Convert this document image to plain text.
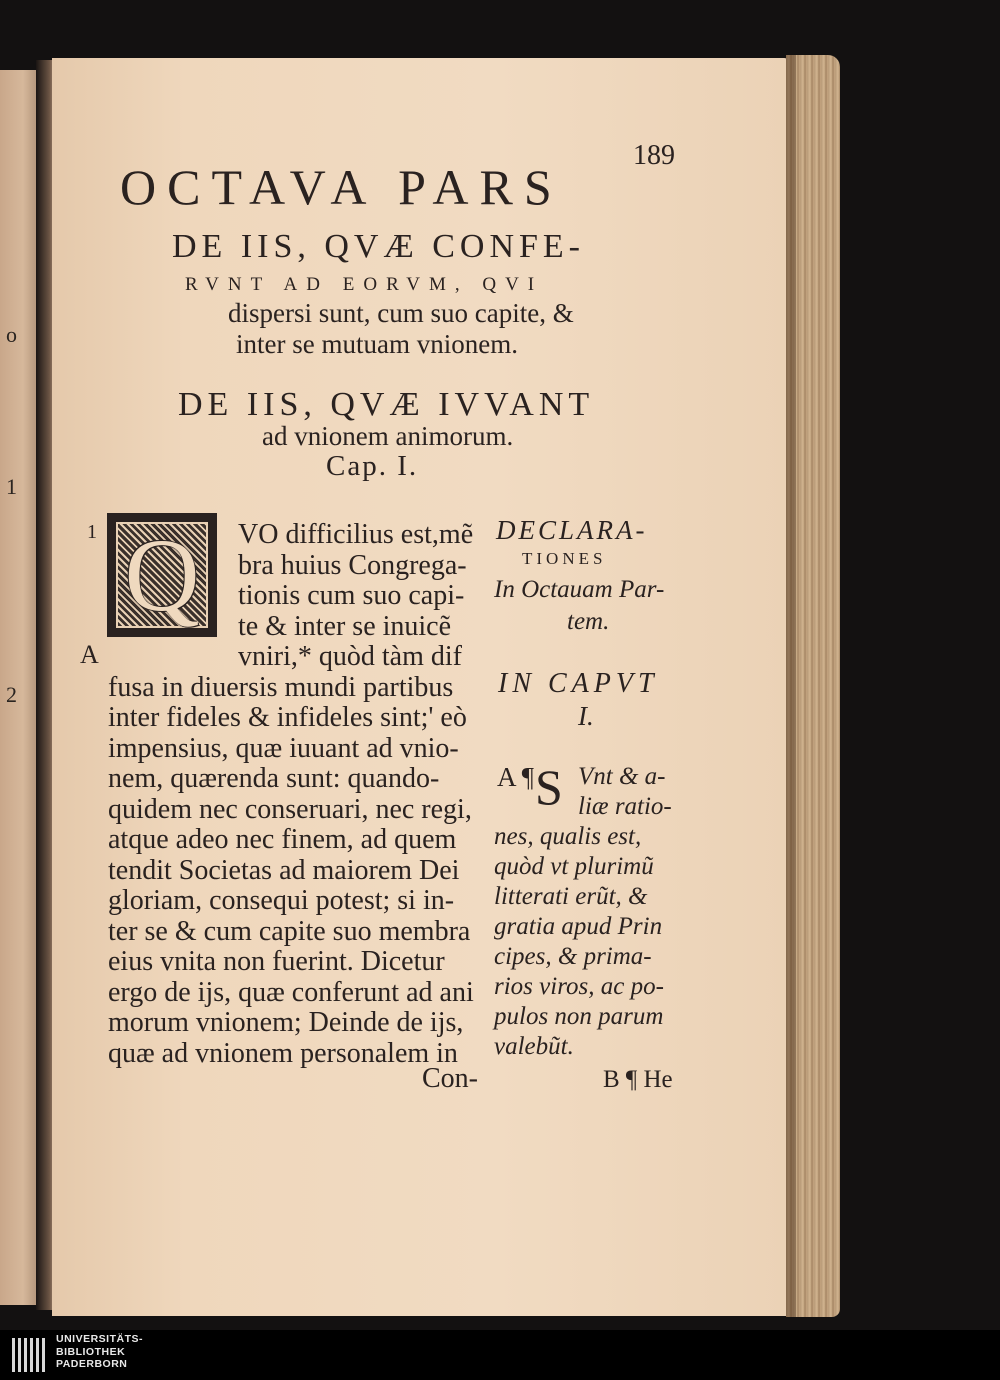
o
1
2
189
OCTAVA PARS
DE IIS, QVÆ CONFE-
RVNT AD EORVM, QVI
dispersi sunt, cum suo capite, &
inter se mutuam vnionem.
DE IIS, QVÆ IVVANT
ad vnionem animorum.
Cap. I.
1
A
Q	VO difficilius est,mẽ
bra huius Congrega-
tionis cum suo capi-
te & inter se inuicẽ
vniri,* quòd tàm dif
fusa in diuersis mundi partibus
inter fideles & infideles sint;' eò
impensius, quæ iuuant ad vnio-
nem, quærenda sunt: quando-
quidem nec conseruari, nec regi,
atque adeo nec finem, ad quem
tendit Societas ad maiorem Dei
gloriam, consequi potest; si in-
ter se & cum capite suo membra
eius vnita non fuerint. Dicetur
ergo de ijs, quæ conferunt ad ani
morum vnionem; Deinde de ijs,
quæ ad vnionem personalem in
Con-
DECLARA-
TIONES
In Octauam Par-
tem.
IN CAPVT
I.
A ¶ S Vnt & a-
liæ ratio-
nes, qualis est,
quòd vt plurimũ
litterati erũt, &
gratia apud Prin
cipes, & prima-
rios viros, ac po-
pulos non parum
valebũt.
B ¶ He
UNIVERSITÄTS-
BIBLIOTHEK
PADERBORN
